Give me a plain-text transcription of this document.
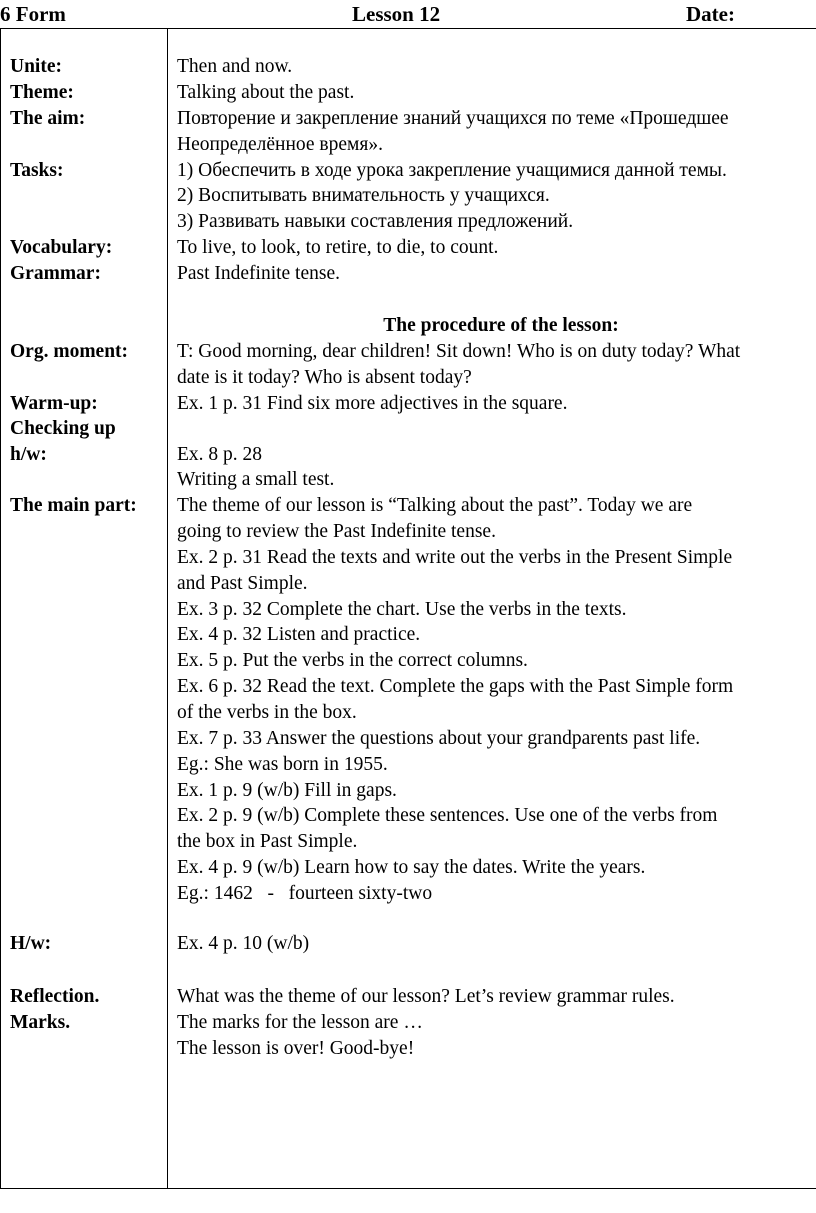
6 Form	Lesson 12	Date:
Unite:
Theme:
The aim:
Tasks:
Vocabulary:
Grammar:
Org. moment:
Warm-up:
Checking up
h/w:
The main part:
H/w:
Reflection.
Marks.
Then and now.
Talking about the past.
Повторение и закрепление знаний учащихся по теме «Прошедшее
Неопределённое время».
1) Обеспечить в ходе урока закрепление учащимися данной темы.
2) Воспитывать внимательность у учащихся.
3) Развивать навыки составления предложений.
To live, to look, to retire, to die, to count.
Past Indefinite tense.
The procedure of the lesson:
T: Good morning, dear children! Sit down! Who is on duty today? What
date is it today? Who is absent today?
Ex. 1 p. 31 Find six more adjectives in the square.
Ex. 8 p. 28
Writing a small test.
The theme of our lesson is “Talking about the past”. Today we are
going to review the Past Indefinite tense.
Ex. 2 p. 31 Read the texts and write out the verbs in the Present Simple
and Past Simple.
Ex. 3 p. 32 Complete the chart. Use the verbs in the texts.
Ex. 4 p. 32 Listen and practice.
Ex. 5 p. Put the verbs in the correct columns.
Ex. 6 p. 32 Read the text. Complete the gaps with the Past Simple form
of the verbs in the box.
Ex. 7 p. 33 Answer the questions about your grandparents past life.
Eg.: She was born in 1955.
Ex. 1 p. 9 (w/b) Fill in gaps.
Ex. 2 p. 9 (w/b) Complete these sentences. Use one of the verbs from
the box in Past Simple.
Ex. 4 p. 9 (w/b) Learn how to say the dates. Write the years.
Eg.: 1462   -   fourteen sixty-two
Ex. 4 p. 10 (w/b)
What was the theme of our lesson? Let’s review grammar rules.
The marks for the lesson are …
The lesson is over! Good-bye!
